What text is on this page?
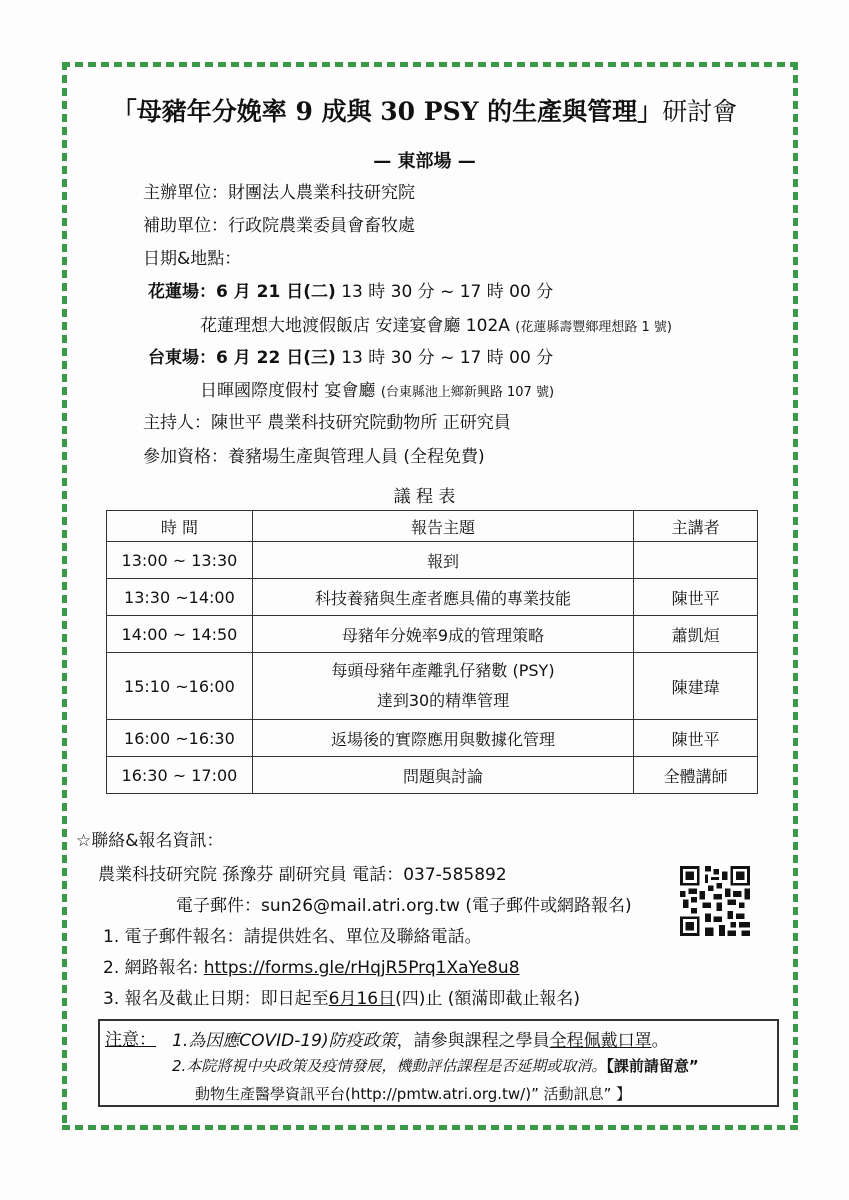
「母豬年分娩率 9 成與 30 PSY 的生產與管理」研討會
— 東部場 —
主辦單位：財團法人農業科技研究院
補助單位：行政院農業委員會畜牧處
日期&地點：
花蓮場：6 月 21 日(二) 13 時 30 分 ~ 17 時 00 分
花蓮理想大地渡假飯店 安達宴會廳 102A (花蓮縣壽豐鄉理想路 1 號)
台東場：6 月 22 日(三) 13 時 30 分 ~ 17 時 00 分
日暉國際度假村 宴會廳 (台東縣池上鄉新興路 107 號)
主持人：陳世平 農業科技研究院動物所 正研究員
參加資格：養豬場生產與管理人員 (全程免費)
議 程 表
時 間	報告主題	主講者
13:00 ~ 13:30	報到	
13:30 ~14:00	科技養豬與生產者應具備的專業技能	陳世平
14:00 ~ 14:50	母豬年分娩率9成的管理策略	蕭凱烜
15:10 ~16:00	每頭母豬年產離乳仔豬數 (PSY)
達到30的精準管理	陳建瑋
16:00 ~16:30	返場後的實際應用與數據化管理	陳世平
16:30 ~ 17:00	問題與討論	全體講師
☆聯絡&報名資訊：
農業科技研究院 孫豫芬 副研究員 電話：037-585892
電子郵件：sun26@mail.atri.org.tw (電子郵件或網路報名)
1. 電子郵件報名：請提供姓名、單位及聯絡電話。
2. 網路報名: https://forms.gle/rHqjR5Prq1XaYe8u8
3. 報名及截止日期：即日起至6月16日(四)止 (額滿即截止報名)
注意： 1.為因應COVID-19)防疫政策，請參與課程之學員全程佩戴口罩。
2.本院將視中央政策及疫情發展，機動評估課程是否延期或取消。【課前請留意”
動物生產醫學資訊平台(http://pmtw.atri.org.tw/)” 活動訊息” 】
